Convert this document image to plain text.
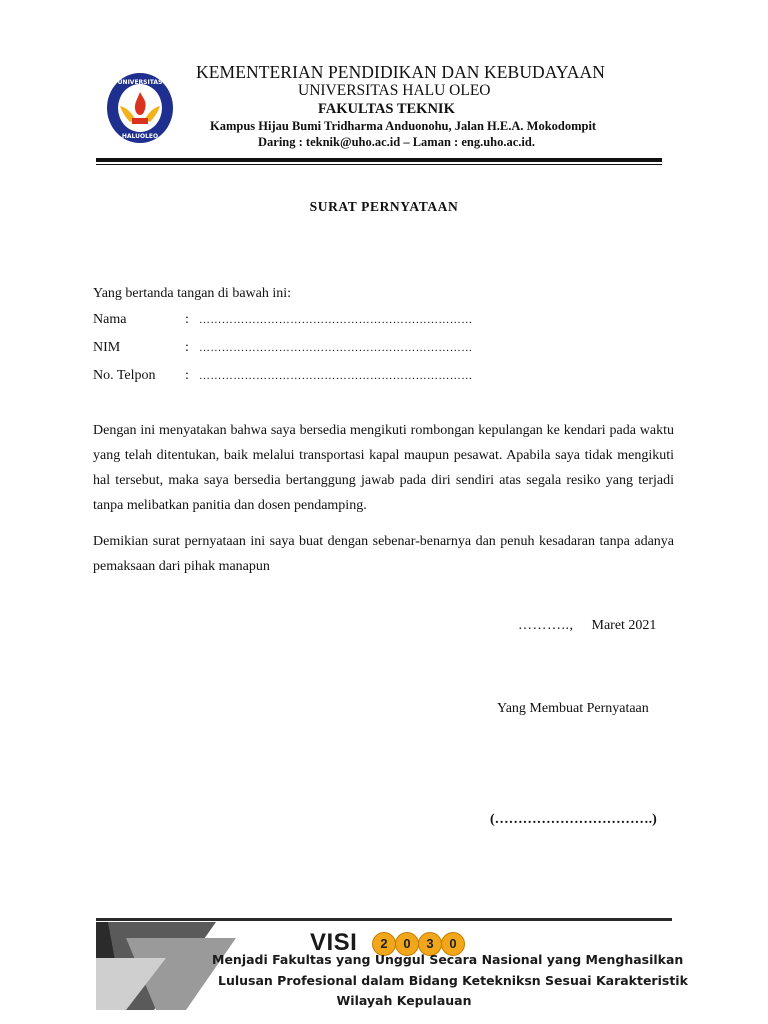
UNIVERSITAS
HALUOLEO
KEMENTERIAN PENDIDIKAN DAN KEBUDAYAAN
UNIVERSITAS HALU OLEO
FAKULTAS TEKNIK
Kampus Hijau Bumi Tridharma Anduonohu, Jalan H.E.A. Mokodompit
Daring : teknik@uho.ac.id – Laman : eng.uho.ac.id.
SURAT PERNYATAAN
Yang bertanda tangan di bawah ini:
Nama	: ………………………………………………………………
NIM	: ………………………………………………………………
No. Telpon : ………………………………………………………………
Dengan ini menyatakan bahwa saya bersedia mengikuti rombongan kepulangan ke kendari pada waktu yang telah ditentukan, baik melalui transportasi kapal maupun pesawat. Apabila saya tidak mengikuti hal tersebut, maka saya bersedia bertanggung jawab pada diri sendiri atas segala resiko yang terjadi tanpa melibatkan panitia dan dosen pendamping.
Demikian surat pernyataan ini saya buat dengan sebenar-benarnya dan penuh kesadaran tanpa adanya pemaksaan dari pihak manapun
……….., Maret 2021
Yang Membuat Pernyataan
(…………………………….)
VISI	2	0	3	0
Menjadi Fakultas yang Unggul Secara Nasional yang Menghasilkan
Lulusan Profesional dalam Bidang Ketekniksn Sesuai Karakteristik
Wilayah Kepulauan
